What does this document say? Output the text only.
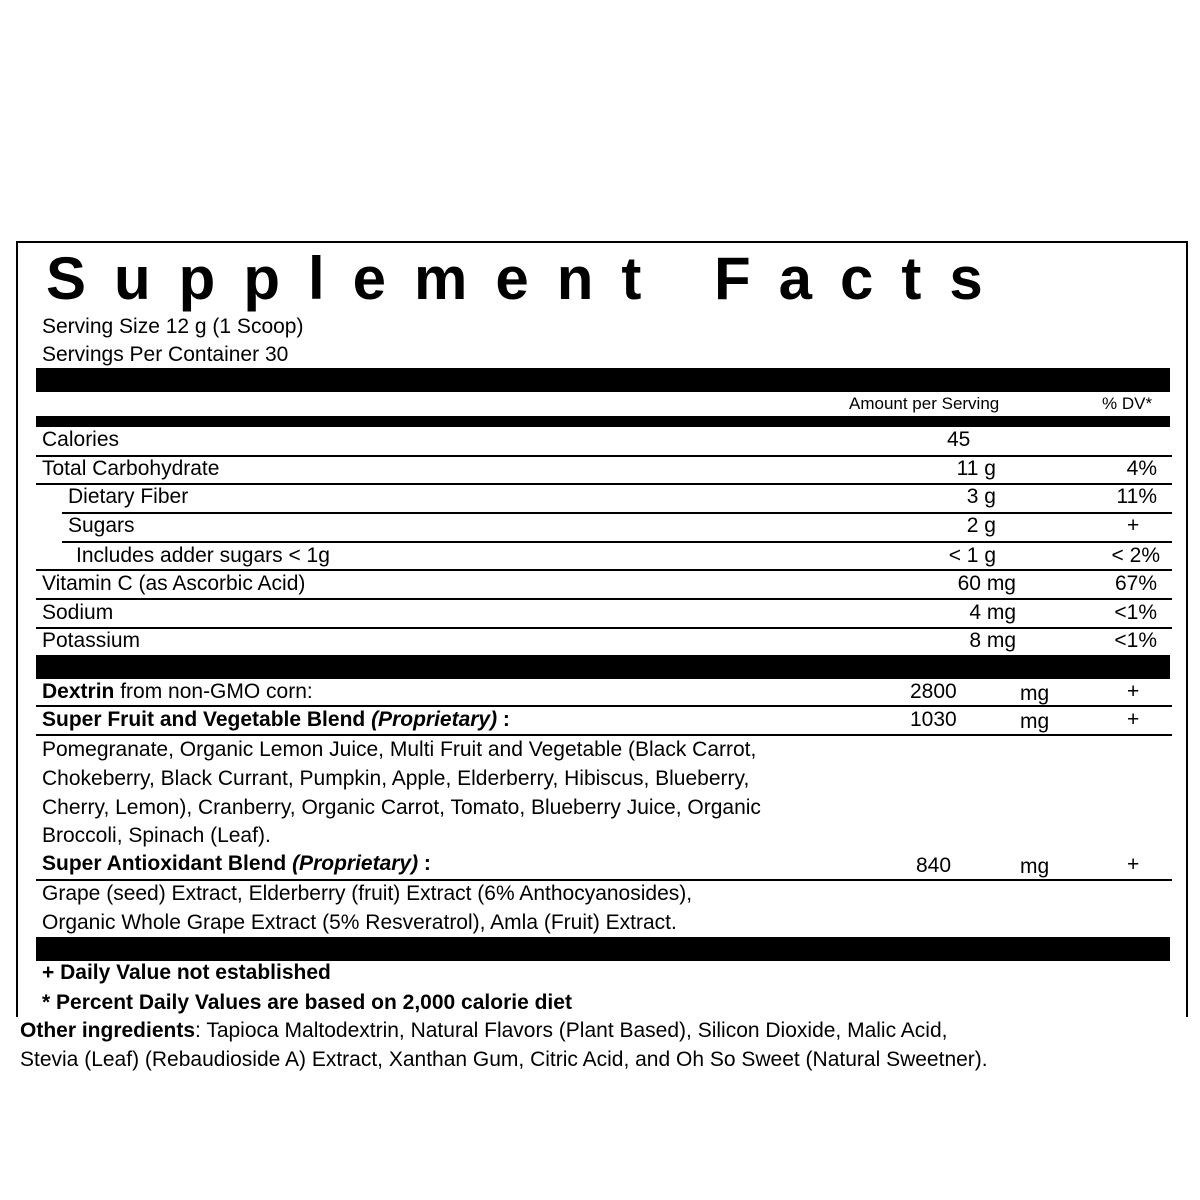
Supplement Facts
Serving Size 12 g (1 Scoop)
Servings Per Container 30
Amount per Serving	% DV*
Calories	45
Total Carbohydrate	11 g	4%
Dietary Fiber	3 g	11%
Sugars	2 g	+
Includes adder sugars < 1g	< 1 g	< 2%
Vitamin C (as Ascorbic Acid)	60 mg	67%
Sodium	4 mg	<1%
Potassium	8 mg	<1%
Dextrin from non-GMO corn:	2800	mg	+
Super Fruit and Vegetable Blend (Proprietary) :	1030	mg	+
Pomegranate, Organic Lemon Juice, Multi Fruit and Vegetable (Black Carrot,
Chokeberry, Black Currant, Pumpkin, Apple, Elderberry, Hibiscus, Blueberry,
Cherry, Lemon), Cranberry, Organic Carrot, Tomato, Blueberry Juice, Organic
Broccoli, Spinach (Leaf).
Super Antioxidant Blend (Proprietary) :	840	mg	+
Grape (seed) Extract, Elderberry (fruit) Extract (6% Anthocyanosides),
Organic Whole Grape Extract (5% Resveratrol), Amla (Fruit) Extract.
+ Daily Value not established
* Percent Daily Values are based on 2,000 calorie diet
Other ingredients: Tapioca Maltodextrin, Natural Flavors (Plant Based), Silicon Dioxide, Malic Acid,
Stevia (Leaf) (Rebaudioside A) Extract, Xanthan Gum, Citric Acid, and Oh So Sweet (Natural Sweetner).
